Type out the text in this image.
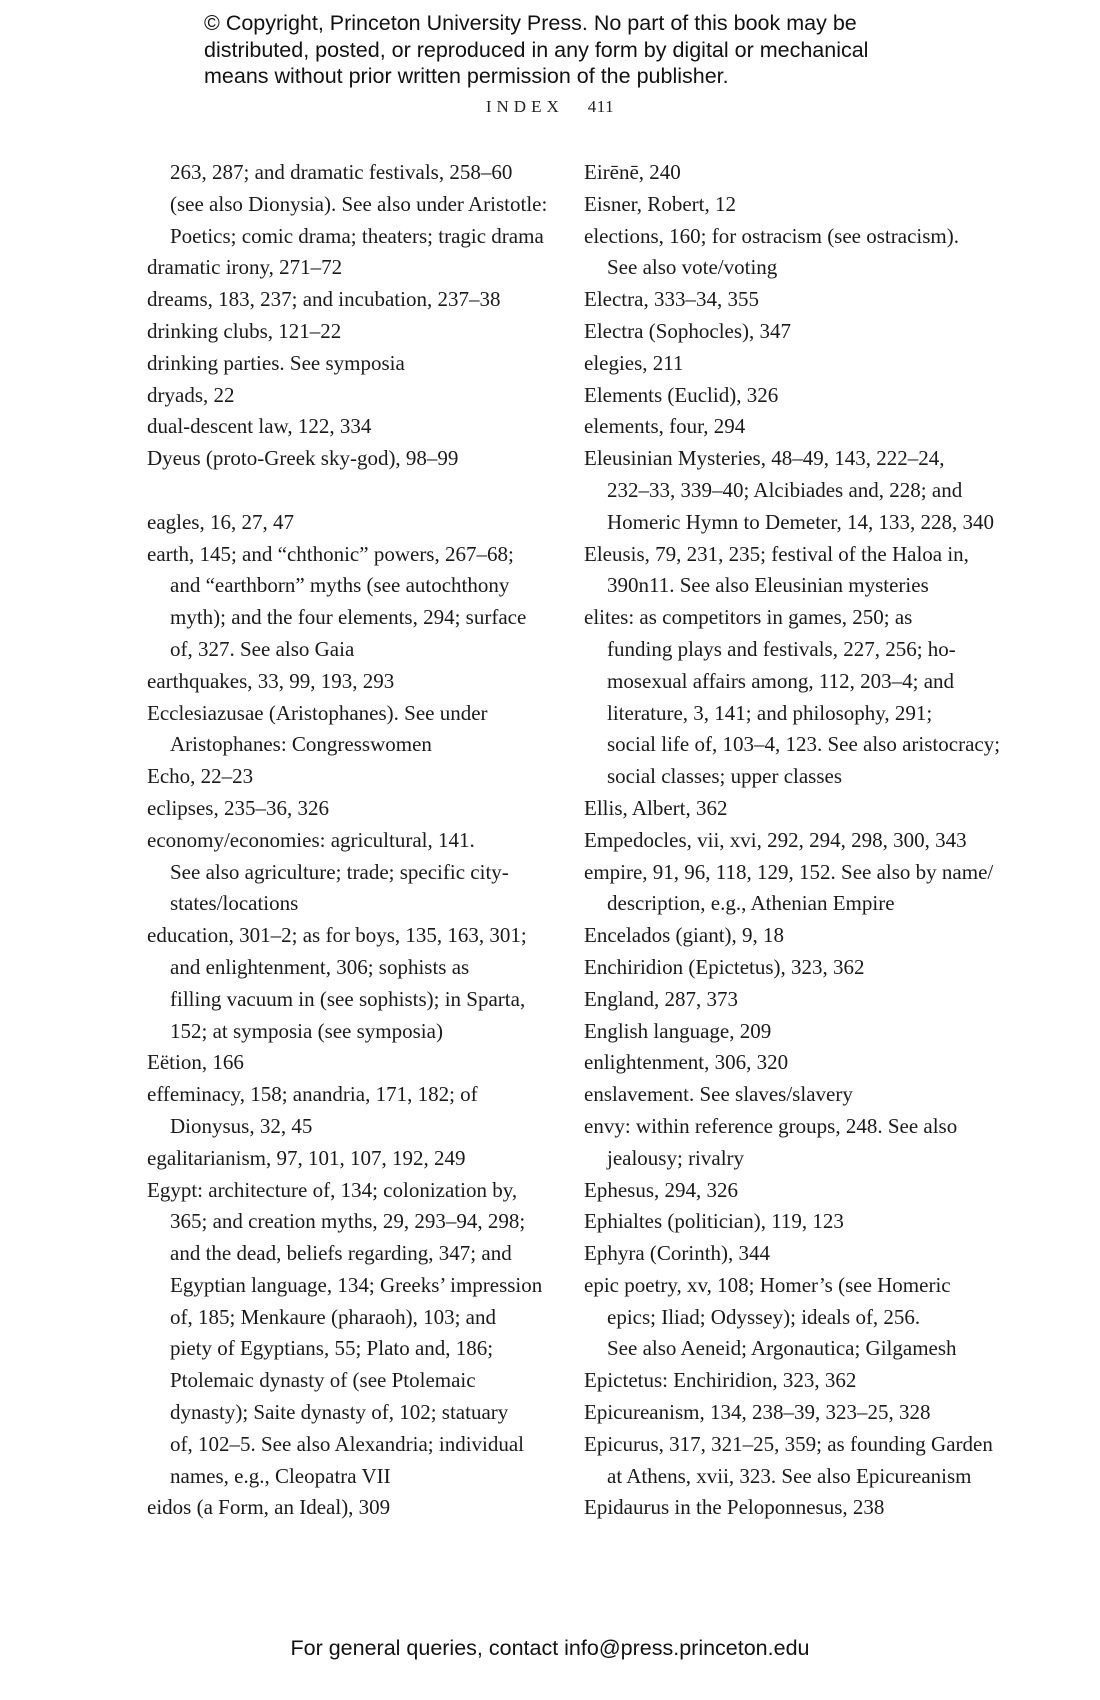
© Copyright, Princeton University Press. No part of this book may be
distributed, posted, or reproduced in any form by digital or mechanical
means without prior written permission of the publisher.
INDEX 411
263, 287; and dramatic festivals, 258–60
(see also Dionysia). See also under Aristotle:
Poetics; comic drama; theaters; tragic drama
dramatic irony, 271–72
dreams, 183, 237; and incubation, 237–38
drinking clubs, 121–22
drinking parties. See symposia
dryads, 22
dual-descent law, 122, 334
Dyeus (proto-Greek sky-god), 98–99
eagles, 16, 27, 47
earth, 145; and “chthonic” powers, 267–68;
and “earthborn” myths (see autochthony
myth); and the four elements, 294; surface
of, 327. See also Gaia
earthquakes, 33, 99, 193, 293
Ecclesiazusae (Aristophanes). See under
Aristophanes: Congresswomen
Echo, 22–23
eclipses, 235–36, 326
economy/economies: agricultural, 141.
See also agriculture; trade; specific city-
states/locations
education, 301–2; as for boys, 135, 163, 301;
and enlightenment, 306; sophists as
filling vacuum in (see sophists); in Sparta,
152; at symposia (see symposia)
Eëtion, 166
effeminacy, 158; anandria, 171, 182; of
Dionysus, 32, 45
egalitarianism, 97, 101, 107, 192, 249
Egypt: architecture of, 134; colonization by,
365; and creation myths, 29, 293–94, 298;
and the dead, beliefs regarding, 347; and
Egyptian language, 134; Greeks’ impression
of, 185; Menkaure (pharaoh), 103; and
piety of Egyptians, 55; Plato and, 186;
Ptolemaic dynasty of (see Ptolemaic
dynasty); Saite dynasty of, 102; statuary
of, 102–5. See also Alexandria; individual
names, e.g., Cleopatra VII
eidos (a Form, an Ideal), 309
Eirēnē, 240
Eisner, Robert, 12
elections, 160; for ostracism (see ostracism).
See also vote/voting
Electra, 333–34, 355
Electra (Sophocles), 347
elegies, 211
Elements (Euclid), 326
elements, four, 294
Eleusinian Mysteries, 48–49, 143, 222–24,
232–33, 339–40; Alcibiades and, 228; and
Homeric Hymn to Demeter, 14, 133, 228, 340
Eleusis, 79, 231, 235; festival of the Haloa in,
390n11. See also Eleusinian mysteries
elites: as competitors in games, 250; as
funding plays and festivals, 227, 256; ho-
mosexual affairs among, 112, 203–4; and
literature, 3, 141; and philosophy, 291;
social life of, 103–4, 123. See also aristocracy;
social classes; upper classes
Ellis, Albert, 362
Empedocles, vii, xvi, 292, 294, 298, 300, 343
empire, 91, 96, 118, 129, 152. See also by name/
description, e.g., Athenian Empire
Encelados (giant), 9, 18
Enchiridion (Epictetus), 323, 362
England, 287, 373
English language, 209
enlightenment, 306, 320
enslavement. See slaves/slavery
envy: within reference groups, 248. See also
jealousy; rivalry
Ephesus, 294, 326
Ephialtes (politician), 119, 123
Ephyra (Corinth), 344
epic poetry, xv, 108; Homer’s (see Homeric
epics; Iliad; Odyssey); ideals of, 256.
See also Aeneid; Argonautica; Gilgamesh
Epictetus: Enchiridion, 323, 362
Epicureanism, 134, 238–39, 323–25, 328
Epicurus, 317, 321–25, 359; as founding Garden
at Athens, xvii, 323. See also Epicureanism
Epidaurus in the Peloponnesus, 238
For general queries, contact info@press.princeton.edu
